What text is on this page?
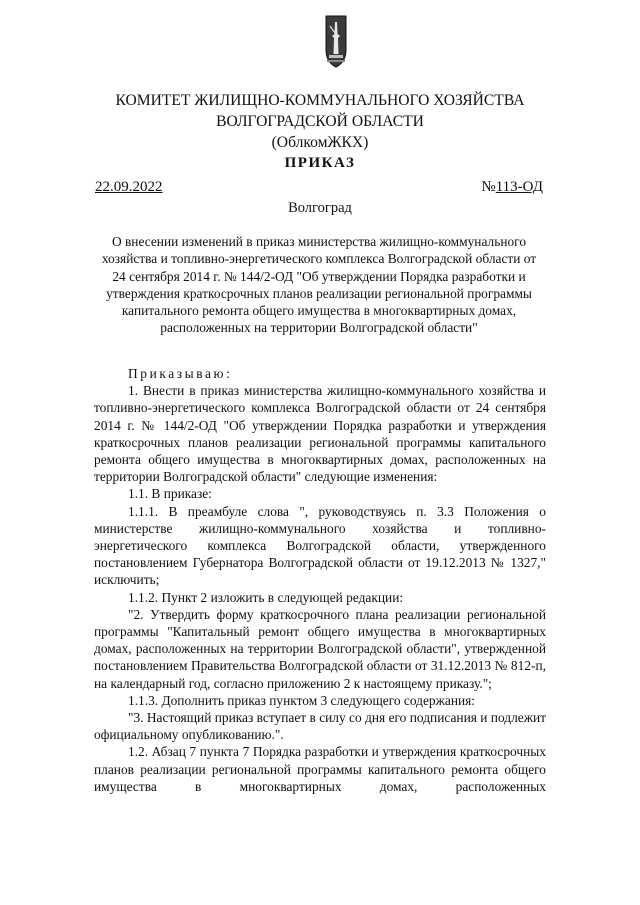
КОМИТЕТ ЖИЛИЩНО-КОММУНАЛЬНОГО ХОЗЯЙСТВА
ВОЛГОГРАДСКОЙ ОБЛАСТИ
(ОблкомЖКХ)
ПРИКАЗ
22.09.2022	№113-ОД
Волгоград
О внесении изменений в приказ министерства жилищно-коммунального хозяйства и топливно-энергетического комплекса Волгоградской области от 24 сентября 2014 г. № 144/2-ОД "Об утверждении Порядка разработки и утверждения краткосрочных планов реализации региональной программы капитального ремонта общего имущества в многоквартирных домах, расположенных на территории Волгоградской области"

Приказываю:

1. Внести в приказ министерства жилищно-коммунального хозяйства и топливно-энергетического комплекса Волгоградской области от 24 сентября 2014 г. № 144/2-ОД "Об утверждении Порядка разработки и утверждения краткосрочных планов реализации региональной программы капитального ремонта общего имущества в многоквартирных домах, расположенных на территории Волгоградской области" следующие изменения:

1.1. В приказе:

1.1.1. В преамбуле слова ", руководствуясь п. 3.3 Положения о министерстве жилищно-коммунального хозяйства и топливно-энергетического комплекса Волгоградской области, утвержденного постановлением Губернатора Волгоградской области от 19.12.2013 № 1327," исключить;

1.1.2. Пункт 2 изложить в следующей редакции:

"2. Утвердить форму краткосрочного плана реализации региональной программы "Капитальный ремонт общего имущества в многоквартирных домах, расположенных на территории Волгоградской области", утвержденной постановлением Правительства Волгоградской области от 31.12.2013 № 812-п, на календарный год, согласно приложению 2 к настоящему приказу.";

1.1.3. Дополнить приказ пунктом 3 следующего содержания:

"3. Настоящий приказ вступает в силу со дня его подписания и подлежит официальному опубликованию.".

1.2. Абзац 7 пункта 7 Порядка разработки и утверждения краткосрочных планов реализации региональной программы капитального ремонта общего имущества в многоквартирных домах, расположенных
